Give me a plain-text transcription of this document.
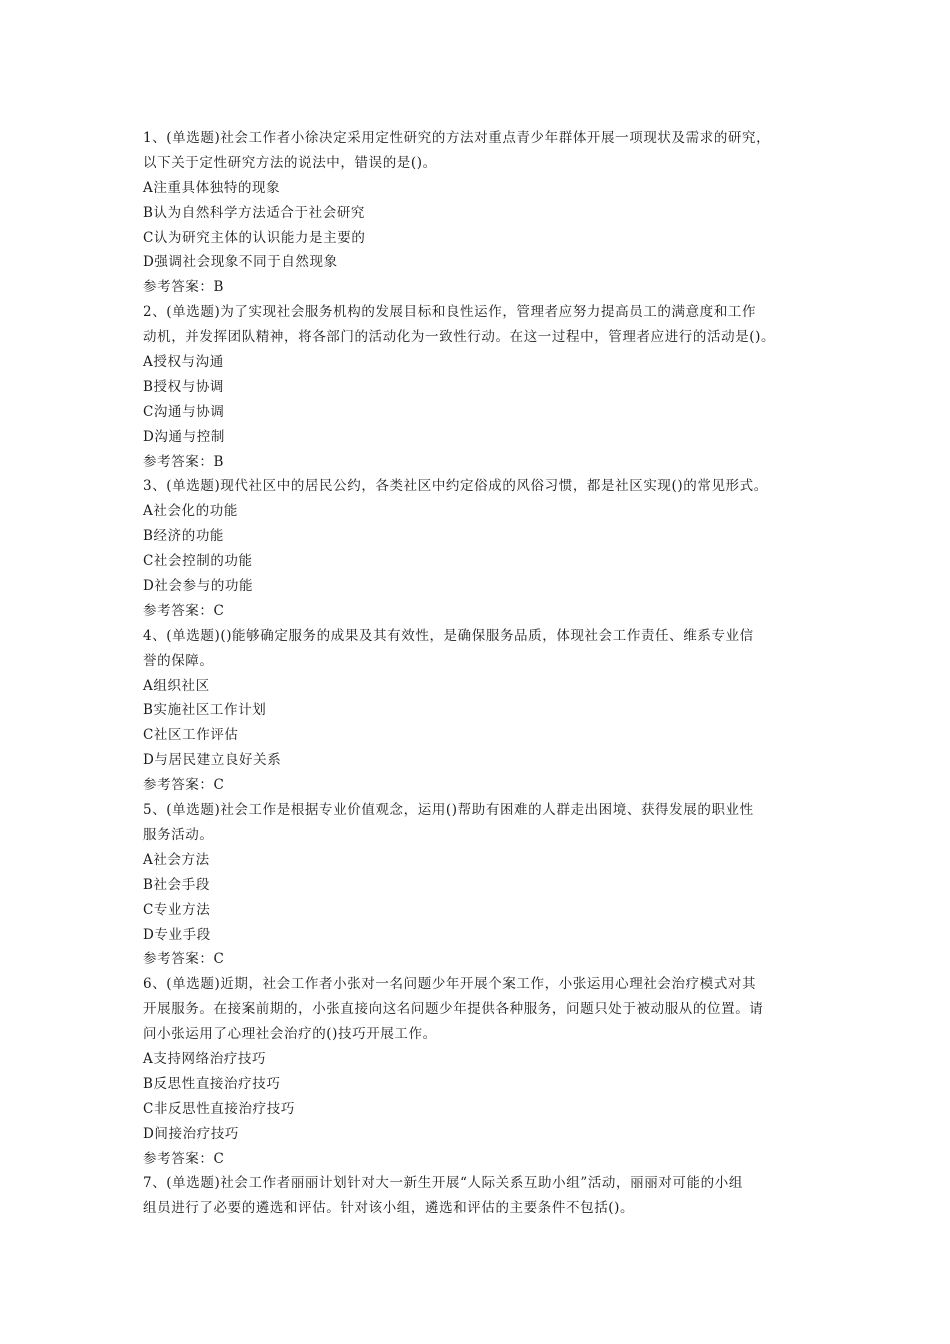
1、(单选题)社会工作者小徐决定采用定性研究的方法对重点青少年群体开展一项现状及需求的研究，
以下关于定性研究方法的说法中，错误的是()。
A注重具体独特的现象
B认为自然科学方法适合于社会研究
C认为研究主体的认识能力是主要的
D强调社会现象不同于自然现象
参考答案：B
2、(单选题)为了实现社会服务机构的发展目标和良性运作，管理者应努力提高员工的满意度和工作
动机，并发挥团队精神，将各部门的活动化为一致性行动。在这一过程中，管理者应进行的活动是()。
A授权与沟通
B授权与协调
C沟通与协调
D沟通与控制
参考答案：B
3、(单选题)现代社区中的居民公约，各类社区中约定俗成的风俗习惯，都是社区实现()的常见形式。
A社会化的功能
B经济的功能
C社会控制的功能
D社会参与的功能
参考答案：C
4、(单选题)()能够确定服务的成果及其有效性，是确保服务品质，体现社会工作责任、维系专业信
誉的保障。
A组织社区
B实施社区工作计划
C社区工作评估
D与居民建立良好关系
参考答案：C
5、(单选题)社会工作是根据专业价值观念，运用()帮助有困难的人群走出困境、获得发展的职业性
服务活动。
A社会方法
B社会手段
C专业方法
D专业手段
参考答案：C
6、(单选题)近期，社会工作者小张对一名问题少年开展个案工作，小张运用心理社会治疗模式对其
开展服务。在接案前期的，小张直接向这名问题少年提供各种服务，问题只处于被动服从的位置。请
问小张运用了心理社会治疗的()技巧开展工作。
A支持网络治疗技巧
B反思性直接治疗技巧
C非反思性直接治疗技巧
D间接治疗技巧
参考答案：C
7、(单选题)社会工作者丽丽计划针对大一新生开展“人际关系互助小组”活动，丽丽对可能的小组
组员进行了必要的遴选和评估。针对该小组，遴选和评估的主要条件不包括()。
